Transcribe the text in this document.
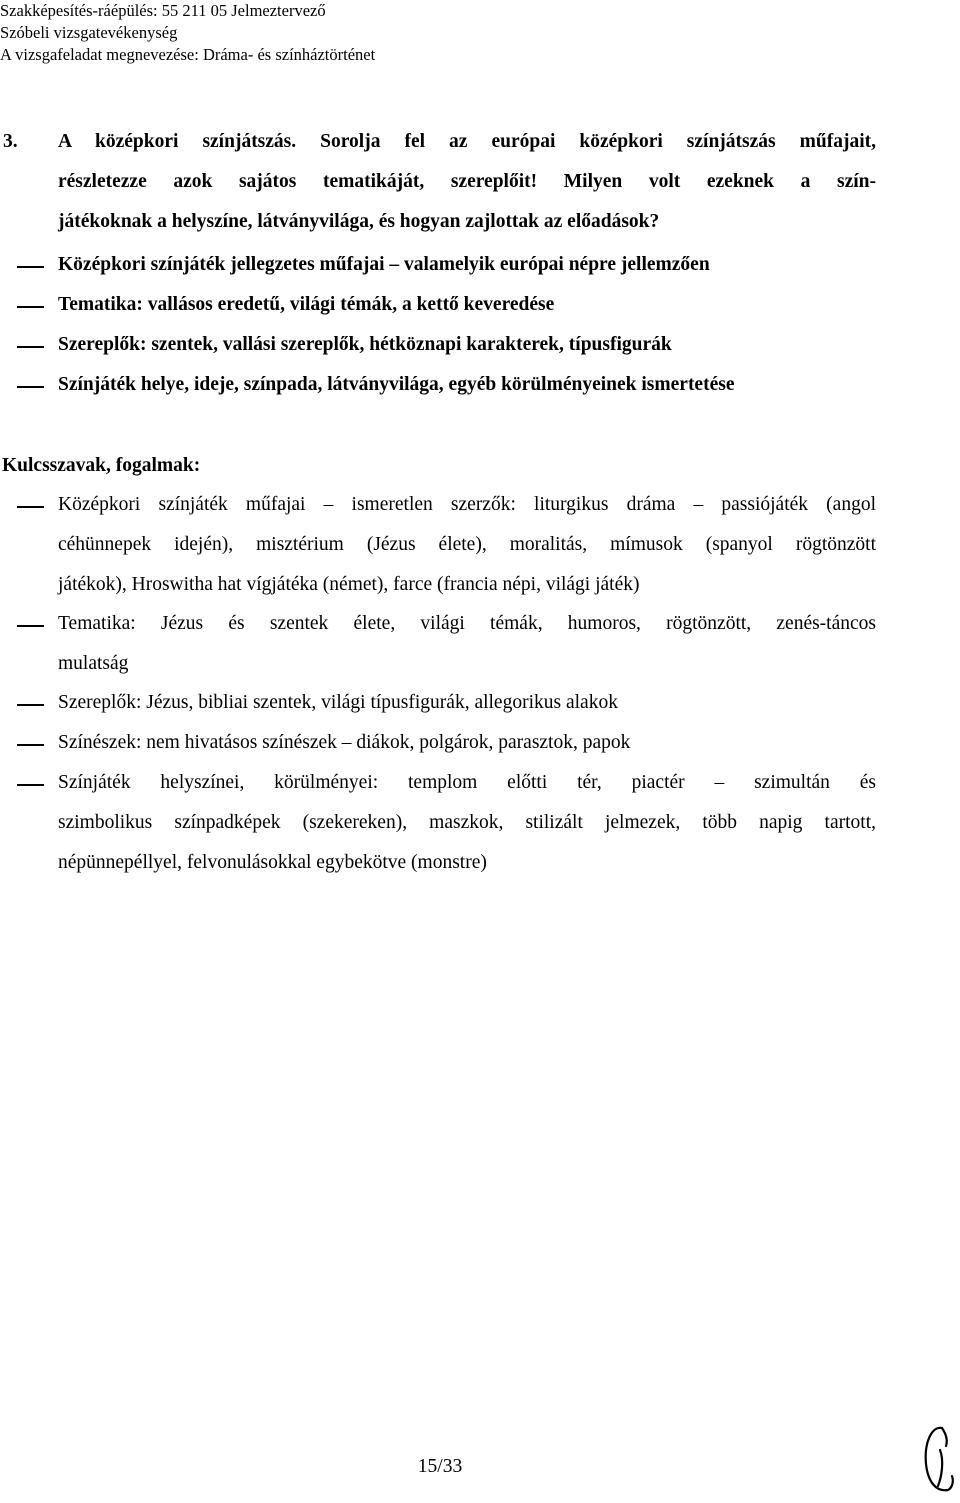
Szakképesítés-ráépülés: 55 211 05 Jelmeztervező
Szóbeli vizsgatevékenység
A vizsgafeladat megnevezése: Dráma- és színháztörténet
3. A középkori színjátszás. Sorolja fel az európai középkori színjátszás műfajait,
részletezze azok sajátos tematikáját, szereplőit! Milyen volt ezeknek a szín-
játékoknak a helyszíne, látványvilága, és hogyan zajlottak az előadások?
Középkori színjáték jellegzetes műfajai – valamelyik európai népre jellemzően
Tematika: vallásos eredetű, világi témák, a kettő keveredése
Szereplők: szentek, vallási szereplők, hétköznapi karakterek, típusfigurák
Színjáték helye, ideje, színpada, látványvilága, egyéb körülményeinek ismertetése
Kulcsszavak, fogalmak:
Középkori színjáték műfajai – ismeretlen szerzők: liturgikus dráma – passiójáték (angol
céhünnepek idején), misztérium (Jézus élete), moralitás, mímusok (spanyol rögtönzött
játékok), Hroswitha hat vígjátéka (német), farce (francia népi, világi játék)
Tematika: Jézus és szentek élete, világi témák, humoros, rögtönzött, zenés-táncos
mulatság
Szereplők: Jézus, bibliai szentek, világi típusfigurák, allegorikus alakok
Színészek: nem hivatásos színészek – diákok, polgárok, parasztok, papok
Színjáték helyszínei, körülményei: templom előtti tér, piactér – szimultán és
szimbolikus színpadképek (szekereken), maszkok, stilizált jelmezek, több napig tartott,
népünnepéllyel, felvonulásokkal egybekötve (monstre)
15/33
